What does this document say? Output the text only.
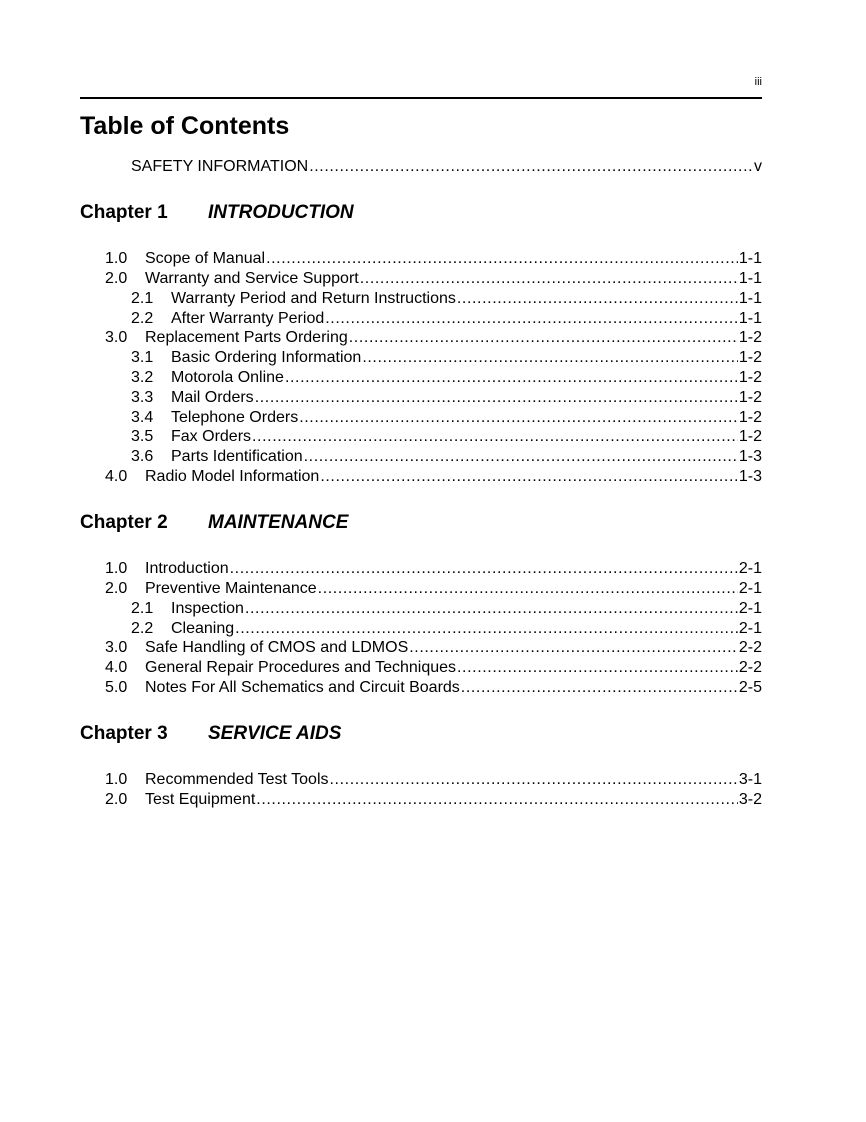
iii
Table of Contents
SAFETY INFORMATION .....	v
Chapter 1	INTRODUCTION
1.0	Scope of Manual .....	1-1
2.0	Warranty and Service Support .....	1-1
2.1	Warranty Period and Return Instructions .....	1-1
2.2	After Warranty Period .....	1-1
3.0	Replacement Parts Ordering .....	1-2
3.1	Basic Ordering Information .....	1-2
3.2	Motorola Online .....	1-2
3.3	Mail Orders .....	1-2
3.4	Telephone Orders .....	1-2
3.5	Fax Orders .....	1-2
3.6	Parts Identification .....	1-3
4.0	Radio Model Information .....	1-3
Chapter 2	MAINTENANCE
1.0	Introduction .....	2-1
2.0	Preventive Maintenance .....	2-1
2.1	Inspection .....	2-1
2.2	Cleaning .....	2-1
3.0	Safe Handling of CMOS and LDMOS .....	2-2
4.0	General Repair Procedures and Techniques .....	2-2
5.0	Notes For All Schematics and Circuit Boards .....	2-5
Chapter 3	SERVICE AIDS
1.0	Recommended Test Tools .....	3-1
2.0	Test Equipment .....	3-2
